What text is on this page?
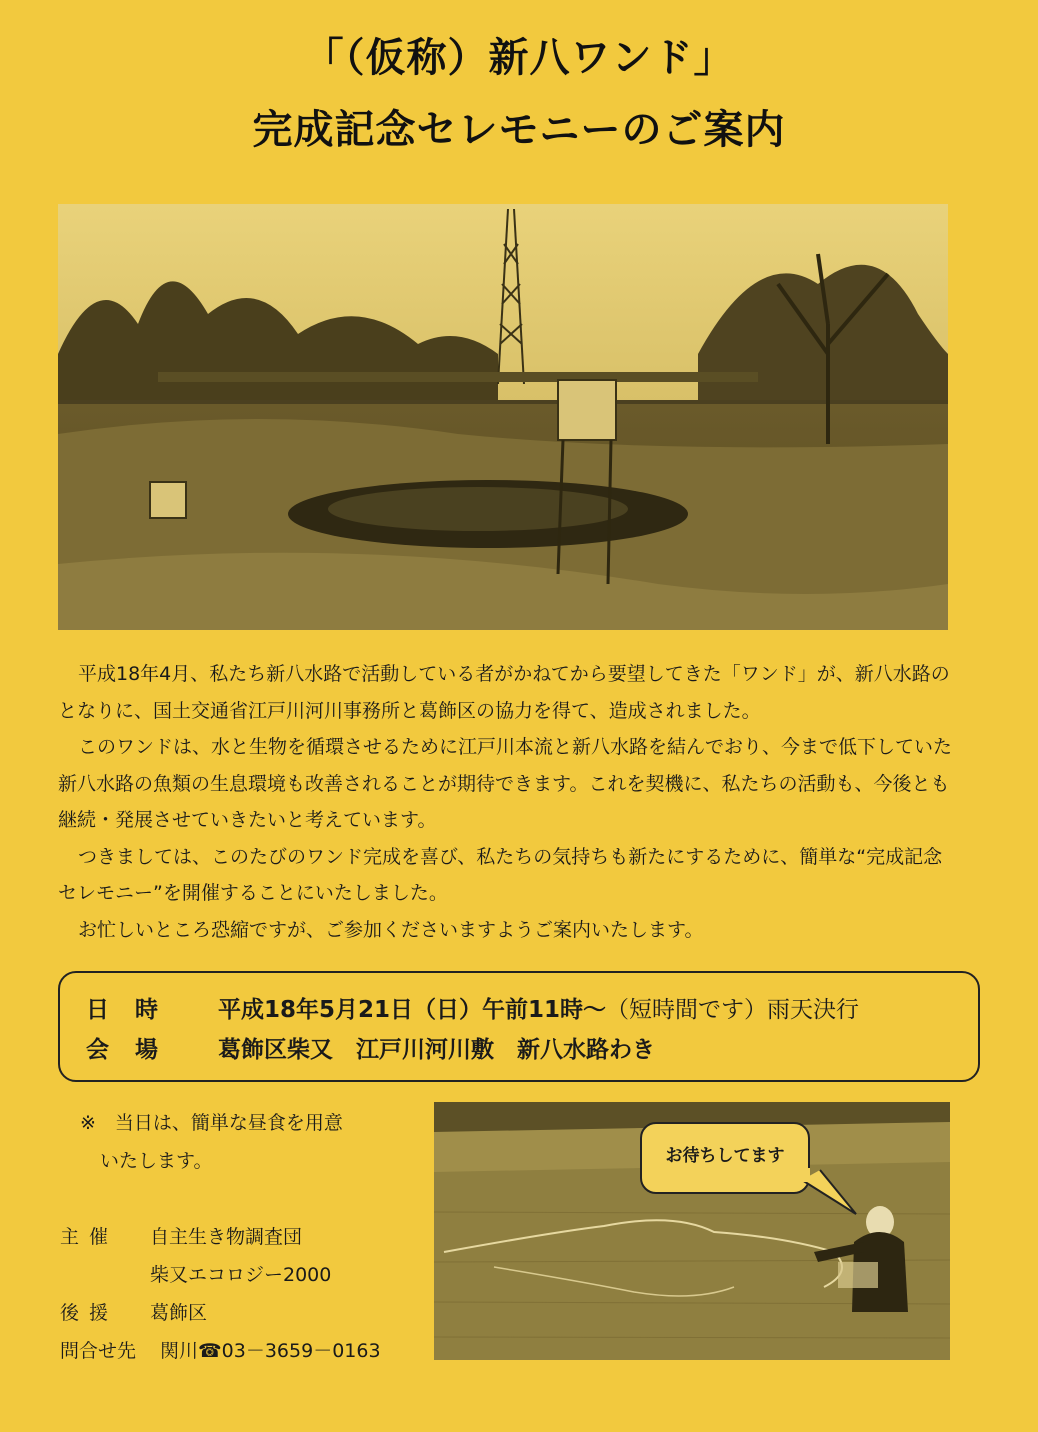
「（仮称）新八ワンド」
完成記念セレモニーのご案内

平成18年4月、私たち新八水路で活動している者がかねてから要望してきた「ワンド」が、新八水路のとなりに、国土交通省江戸川河川事務所と葛飾区の協力を得て、造成されました。

このワンドは、水と生物を循環させるために江戸川本流と新八水路を結んでおり、今まで低下していた新八水路の魚類の生息環境も改善されることが期待できます。これを契機に、私たちの活動も、今後とも継続・発展させていきたいと考えています。

つきましては、このたびのワンド完成を喜び、私たちの気持ちも新たにするために、簡単な“完成記念セレモニー”を開催することにいたしました。

お忙しいところ恐縮ですが、ご参加くださいますようご案内いたします。

日時 平成18年5月21日（日）午前11時～（短時間です）雨天決行
会場 葛飾区柴又　江戸川河川敷　新八水路わき
※　当日は、簡単な昼食を用意
いたします。
主催 自主生き物調査団
柴又エコロジー2000
後援 葛飾区
問合せ先 関川☎03－3659－0163
お待ちしてます
